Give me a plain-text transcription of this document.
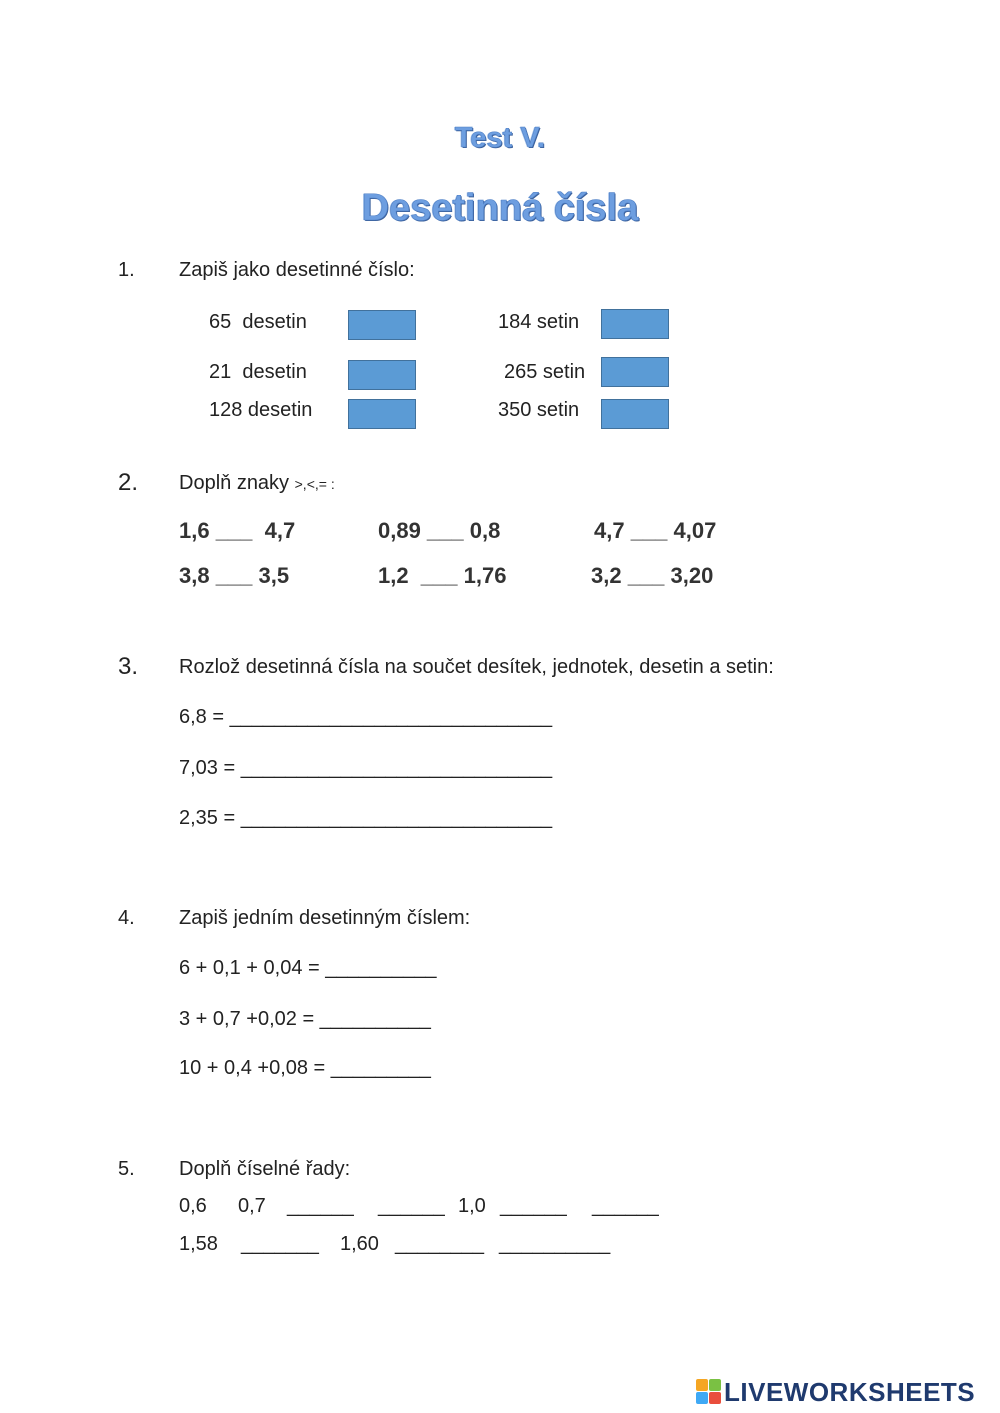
Test V.
Desetinná čísla
1. Zapiš jako desetinné číslo:
65  desetin	184 setin
21  desetin	265 setin
128 desetin	350 setin
2. Doplň znaky >,<,= :
1,6 ___  4,7	0,89 ___ 0,8	4,7 ___ 4,07
3,8 ___ 3,5	1,2  ___ 1,76	3,2 ___ 3,20
3. Rozlož desetinná čísla na součet desítek, jednotek, desetin a setin:
6,8 = _____________________________
7,03 = ____________________________
2,35 = ____________________________
4. Zapiš jedním desetinným číslem:
6 + 0,1 + 0,04 = __________
3 + 0,7 +0,02 = __________
10 + 0,4 +0,08 = _________
5. Doplň číselné řady:
0,6 0,7 ______ ______ 1,0 ______ ______
1,58 _______ 1,60 ________ __________
LIVEWORKSHEETS
